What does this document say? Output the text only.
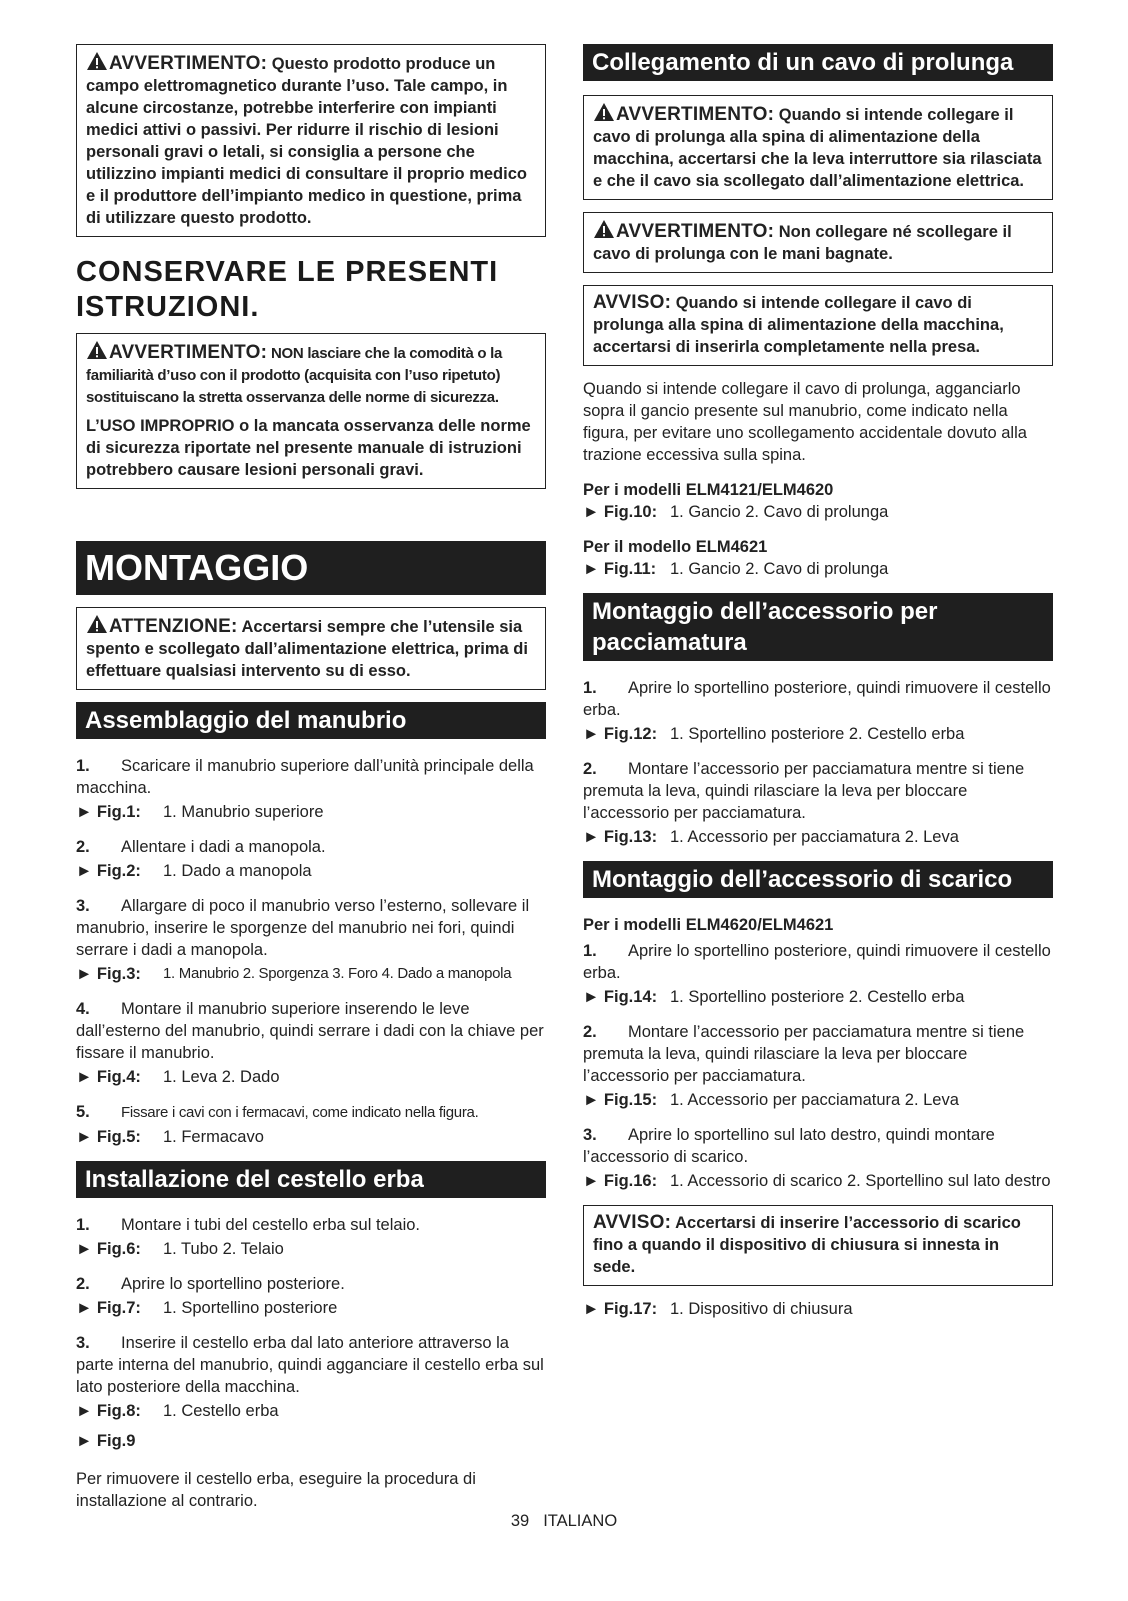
AVVERTIMENTO: Questo prodotto produce un campo elettromagnetico durante l’uso. Tale campo, in alcune circostanze, potrebbe interferire con impianti medici attivi o passivi. Per ridurre il rischio di lesioni personali gravi o letali, si consiglia a persone che utilizzino impianti medici di consultare il proprio medico e il produttore dell’impianto medico in questione, prima di utilizzare questo prodotto.
CONSERVARE LE PRESENTI ISTRUZIONI.
AVVERTIMENTO: NON lasciare che la comodità o la familiarità d’uso con il prodotto (acquisita con l’uso ripetuto) sostituiscano la stretta osservanza delle norme di sicurezza.
L’USO IMPROPRIO o la mancata osservanza delle norme di sicurezza riportate nel presente manuale di istruzioni potrebbero causare lesioni personali gravi.
MONTAGGIO
ATTENZIONE: Accertarsi sempre che l’utensile sia spento e scollegato dall’alimentazione elettrica, prima di effettuare qualsiasi intervento su di esso.
Assemblaggio del manubrio
1. Scaricare il manubrio superiore dall’unità principale della macchina.
► Fig.1:	1. Manubrio superiore
2. Allentare i dadi a manopola.
► Fig.2:	1. Dado a manopola
3. Allargare di poco il manubrio verso l’esterno, sollevare il manubrio, inserire le sporgenze del manubrio nei fori, quindi serrare i dadi a manopola.
► Fig.3:	1. Manubrio 2. Sporgenza 3. Foro 4. Dado a manopola
4. Montare il manubrio superiore inserendo le leve dall’esterno del manubrio, quindi serrare i dadi con la chiave per fissare il manubrio.
► Fig.4:	1. Leva 2. Dado
5. Fissare i cavi con i fermacavi, come indicato nella figura.
► Fig.5:	1. Fermacavo
Installazione del cestello erba
1. Montare i tubi del cestello erba sul telaio.
► Fig.6:	1. Tubo 2. Telaio
2. Aprire lo sportellino posteriore.
► Fig.7:	1. Sportellino posteriore
3. Inserire il cestello erba dal lato anteriore attraverso la parte interna del manubrio, quindi agganciare il cestello erba sul lato posteriore della macchina.
► Fig.8:	1. Cestello erba
► Fig.9
Per rimuovere il cestello erba, eseguire la procedura di installazione al contrario.
Collegamento di un cavo di prolunga
AVVERTIMENTO: Quando si intende collegare il cavo di prolunga alla spina di alimentazione della macchina, accertarsi che la leva interruttore sia rilasciata e che il cavo sia scollegato dall’alimentazione elettrica.
AVVERTIMENTO: Non collegare né scollegare il cavo di prolunga con le mani bagnate.
AVVISO: Quando si intende collegare il cavo di prolunga alla spina di alimentazione della macchina, accertarsi di inserirla completamente nella presa.
Quando si intende collegare il cavo di prolunga, agganciarlo sopra il gancio presente sul manubrio, come indicato nella figura, per evitare uno scollegamento accidentale dovuto alla trazione eccessiva sulla spina.
Per i modelli ELM4121/ELM4620
► Fig.10: 1. Gancio 2. Cavo di prolunga
Per il modello ELM4621
► Fig.11: 1. Gancio 2. Cavo di prolunga
Montaggio dell’accessorio per pacciamatura
1. Aprire lo sportellino posteriore, quindi rimuovere il cestello erba.
► Fig.12: 1. Sportellino posteriore 2. Cestello erba
2. Montare l’accessorio per pacciamatura mentre si tiene premuta la leva, quindi rilasciare la leva per bloccare l’accessorio per pacciamatura.
► Fig.13: 1. Accessorio per pacciamatura 2. Leva
Montaggio dell’accessorio di scarico
Per i modelli ELM4620/ELM4621
1. Aprire lo sportellino posteriore, quindi rimuovere il cestello erba.
► Fig.14: 1. Sportellino posteriore 2. Cestello erba
2. Montare l’accessorio per pacciamatura mentre si tiene premuta la leva, quindi rilasciare la leva per bloccare l’accessorio per pacciamatura.
► Fig.15: 1. Accessorio per pacciamatura 2. Leva
3. Aprire lo sportellino sul lato destro, quindi montare l’accessorio di scarico.
► Fig.16: 1. Accessorio di scarico 2. Sportellino sul lato destro
AVVISO: Accertarsi di inserire l’accessorio di scarico fino a quando il dispositivo di chiusura si innesta in sede.
► Fig.17: 1. Dispositivo di chiusura
39 ITALIANO
